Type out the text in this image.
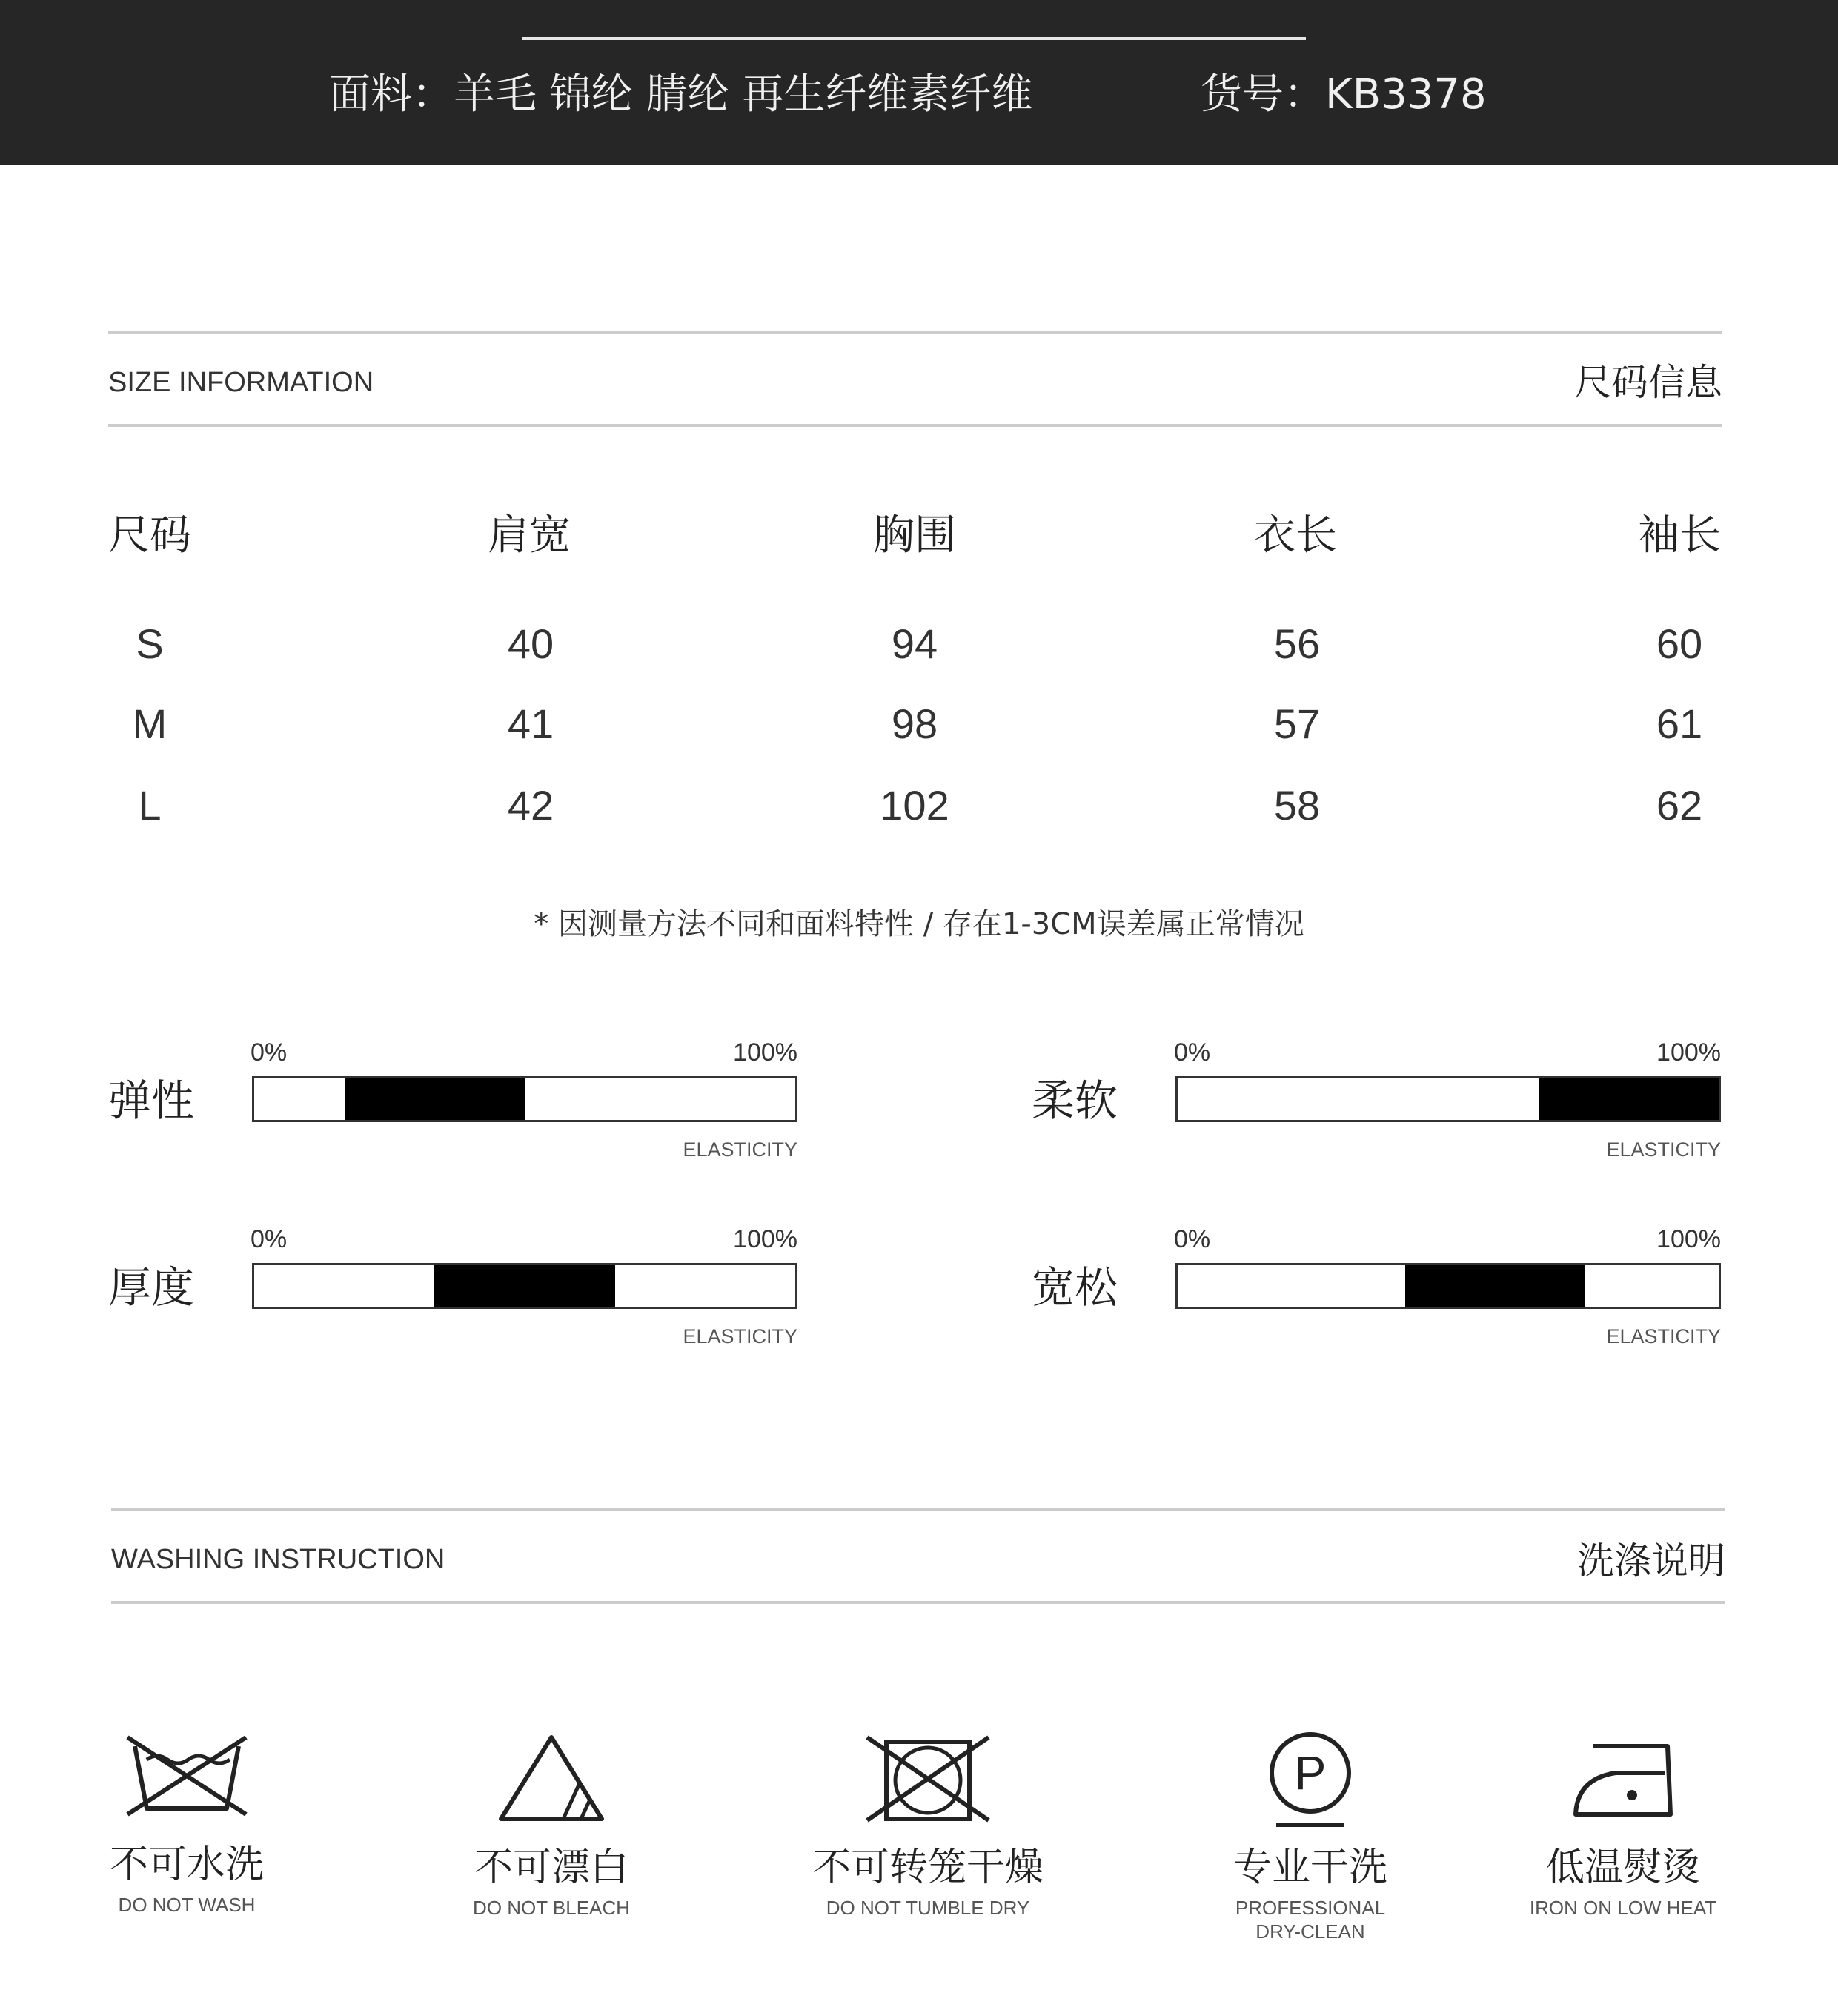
面料：羊毛 锦纶 腈纶 再生纤维素纤维	货号：KB3378
SIZE INFORMATION	尺码信息
尺码	肩宽	胸围	衣长	袖长
S	40	94	56	60
M	41	98	57	61
L	42	102	58	62
* 因测量方法不同和面料特性 / 存在1-3CM误差属正常情况
弹性
0%	100%
ELASTICITY
柔软
0%	100%
ELASTICITY
厚度
0%	100%
ELASTICITY
宽松
0%	100%
ELASTICITY
WASHING INSTRUCTION	洗涤说明
不可水洗
DO NOT WASH
不可漂白
DO NOT BLEACH
不可转笼干燥
DO NOT TUMBLE DRY
P
专业干洗
PROFESSIONAL DRY-CLEAN
低温熨烫
IRON ON LOW HEAT
